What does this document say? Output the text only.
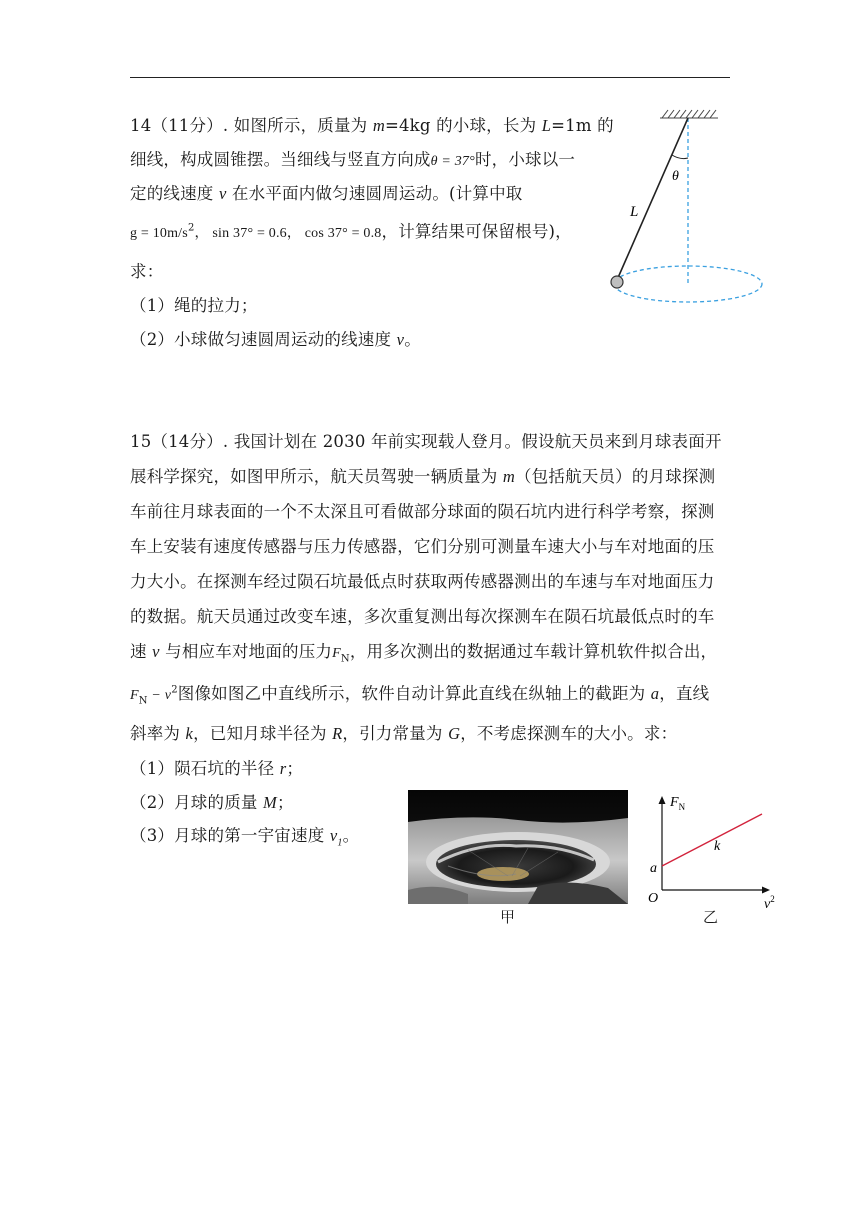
14（11分）. 如图所示，质量为 m=4kg 的小球，长为 L=1m 的
细线，构成圆锥摆。当细线与竖直方向成θ = 37°时，小球以一
定的线速度 v 在水平面内做匀速圆周运动。(计算中取
$g = 10m/s^2$， sin 37° = 0.6， cos 37° = 0.8，计算结果可保留根号)，
求：
（1）绳的拉力；
（2）小球做匀速圆周运动的线速度 v。
θ
L
15（14分）. 我国计划在 2030 年前实现载人登月。假设航天员来到月球表面开
展科学探究，如图甲所示，航天员驾驶一辆质量为 m（包括航天员）的月球探测
车前往月球表面的一个不太深且可看做部分球面的陨石坑内进行科学考察，探测
车上安装有速度传感器与压力传感器，它们分别可测量车速大小与车对地面的压
力大小。在探测车经过陨石坑最低点时获取两传感器测出的车速与车对地面压力
的数据。航天员通过改变车速，多次重复测出每次探测车在陨石坑最低点时的车
速 v 与相应车对地面的压力$F_N$，用多次测出的数据通过车载计算机软件拟合出，
$F_N - v^2$图像如图乙中直线所示，软件自动计算此直线在纵轴上的截距为 a，直线
斜率为 k，已知月球半径为 R，引力常量为 G，不考虑探测车的大小。求：
（1）陨石坑的半径 r；
（2）月球的质量 M；
（3）月球的第一宇宙速度 $v_1$。
甲
$F_N$
a
k
O	$v^2$
乙
